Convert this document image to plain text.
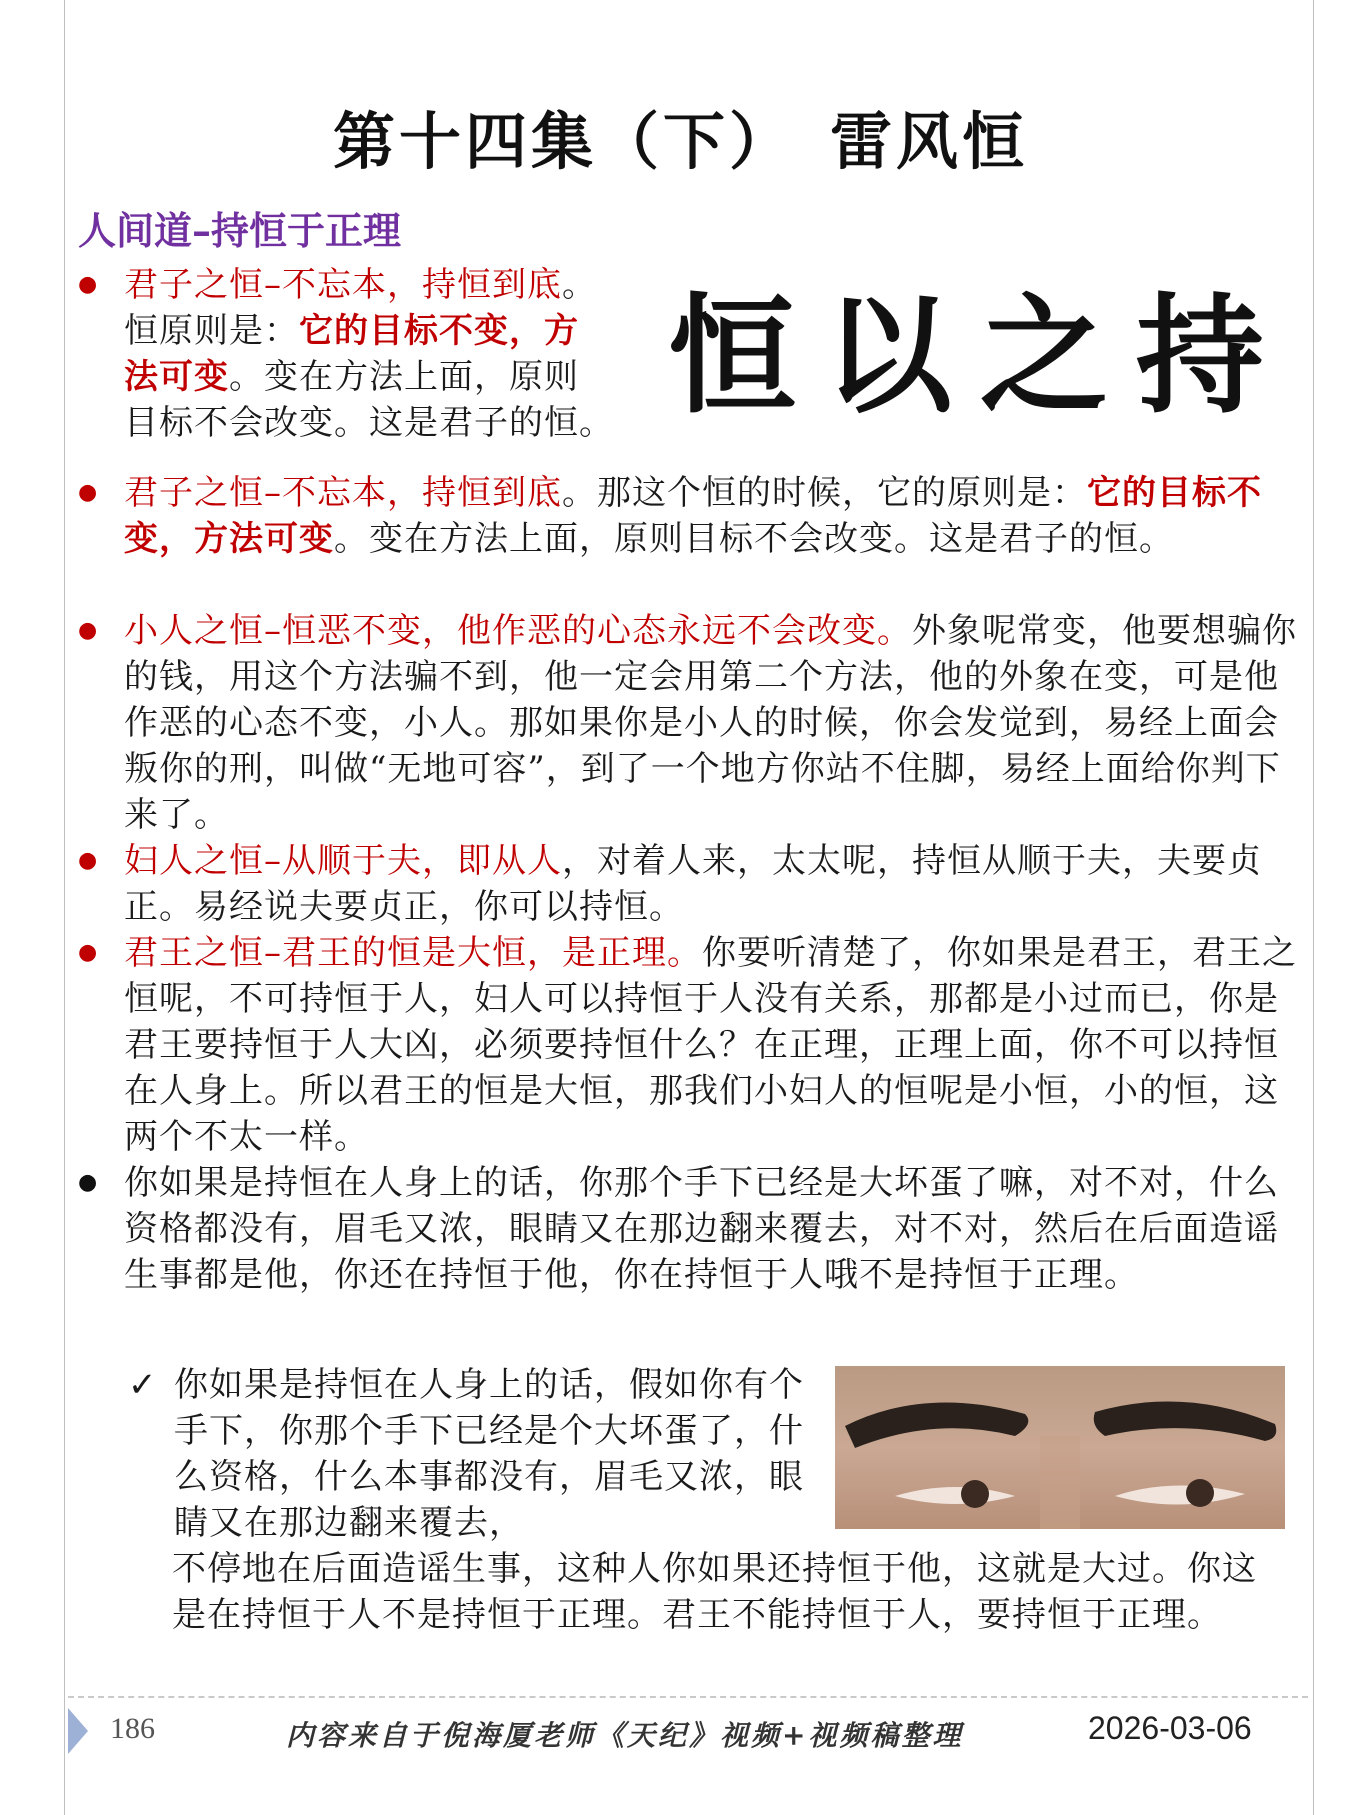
第十四集（下）　雷风恒
人间道–持恒于正理
● 君子之恒–不忘本，持恒到底。
恒原则是：它的目标不变，方
法可变。变在方法上面，原则
目标不会改变。这是君子的恒。 恒以之持
● 君子之恒–不忘本，持恒到底。那这个恒的时候，它的原则是：它的目标不变，方法可变。变在方法上面，原则目标不会改变。这是君子的恒。
● 小人之恒–恒恶不变，他作恶的心态永远不会改变。外象呢常变，他要想骗你的钱，用这个方法骗不到，他一定会用第二个方法，他的外象在变，可是他作恶的心态不变，小人。那如果你是小人的时候，你会发觉到，易经上面会叛你的刑，叫做“无地可容”，到了一个地方你站不住脚，易经上面给你判下来了。
● 妇人之恒–从顺于夫，即从人，对着人来，太太呢，持恒从顺于夫，夫要贞正。易经说夫要贞正，你可以持恒。
● 君王之恒–君王的恒是大恒，是正理。你要听清楚了，你如果是君王，君王之恒呢，不可持恒于人，妇人可以持恒于人没有关系，那都是小过而已，你是君王要持恒于人大凶，必须要持恒什么？在正理，正理上面，你不可以持恒在人身上。所以君王的恒是大恒，那我们小妇人的恒呢是小恒，小的恒，这两个不太一样。
● 你如果是持恒在人身上的话，你那个手下已经是大坏蛋了嘛，对不对，什么资格都没有，眉毛又浓，眼睛又在那边翻来覆去，对不对，然后在后面造谣生事都是他，你还在持恒于他，你在持恒于人哦不是持恒于正理。
✓ 你如果是持恒在人身上的话，假如你有个手下，你那个手下已经是个大坏蛋了，什么资格，什么本事都没有，眉毛又浓，眼睛又在那边翻来覆去，
不停地在后面造谣生事，这种人你如果还持恒于他，这就是大过。你这是在持恒于人不是持恒于正理。君王不能持恒于人，要持恒于正理。
186	内容来自于倪海厦老师《天纪》视频+视频稿整理	2026-03-06
